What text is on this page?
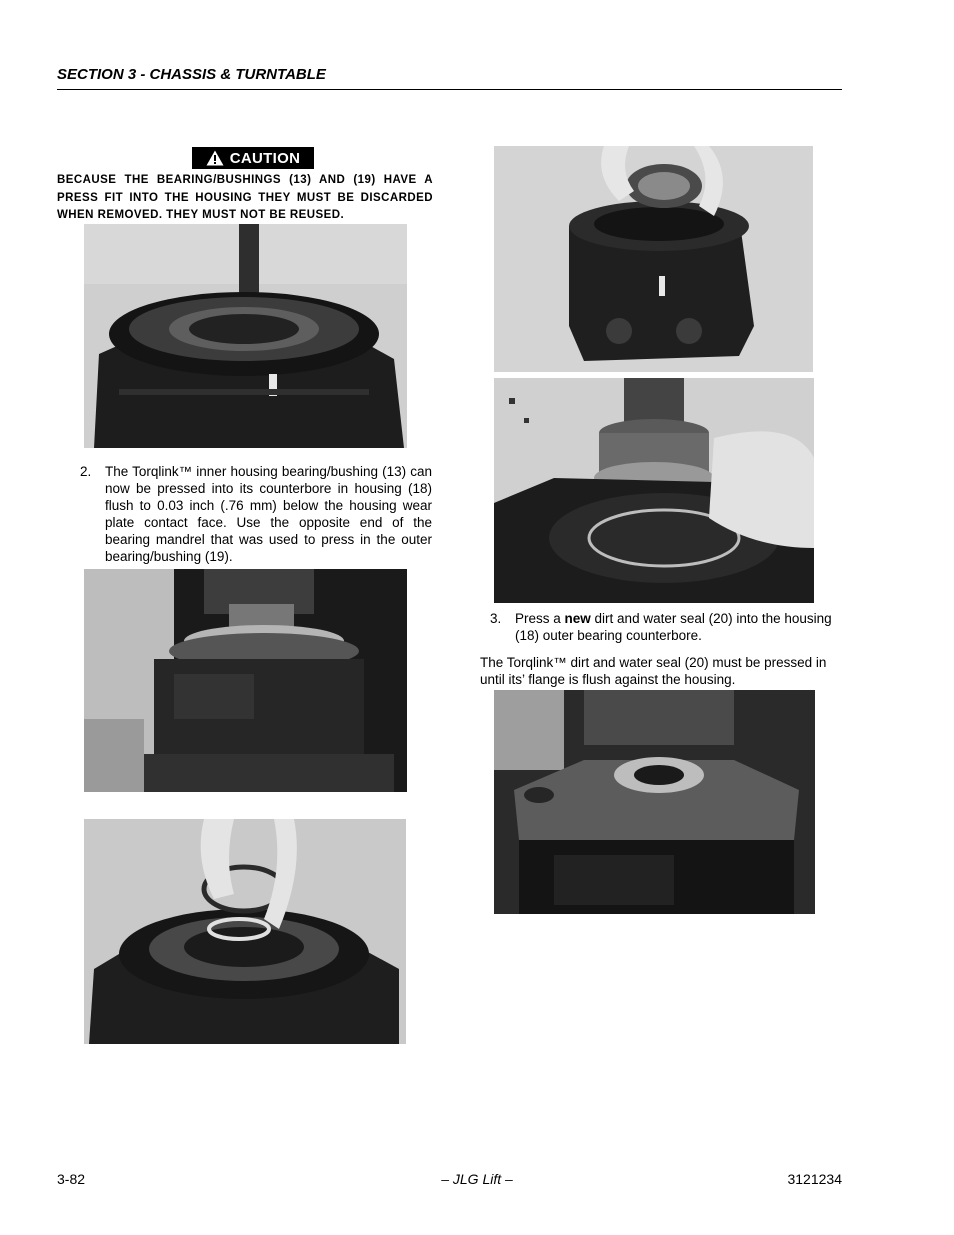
SECTION 3 - CHASSIS & TURNTABLE
CAUTION
BECAUSE THE BEARING/BUSHINGS (13) AND (19) HAVE A PRESS FIT INTO THE HOUSING THEY MUST BE DISCARDED WHEN REMOVED. THEY MUST NOT BE REUSED.
2. The Torqlink™ inner housing bearing/bushing (13) can now be pressed into its counterbore in housing (18) flush to 0.03 inch (.76 mm) below the housing wear plate contact face. Use the opposite end of the bearing mandrel that was used to press in the outer bearing/bushing (19).
3. Press a new dirt and water seal (20) into the housing (18) outer bearing counterbore.
The Torqlink™ dirt and water seal (20) must be pressed in until its’ flange is flush against the housing.
3-82	– JLG Lift –	3121234
